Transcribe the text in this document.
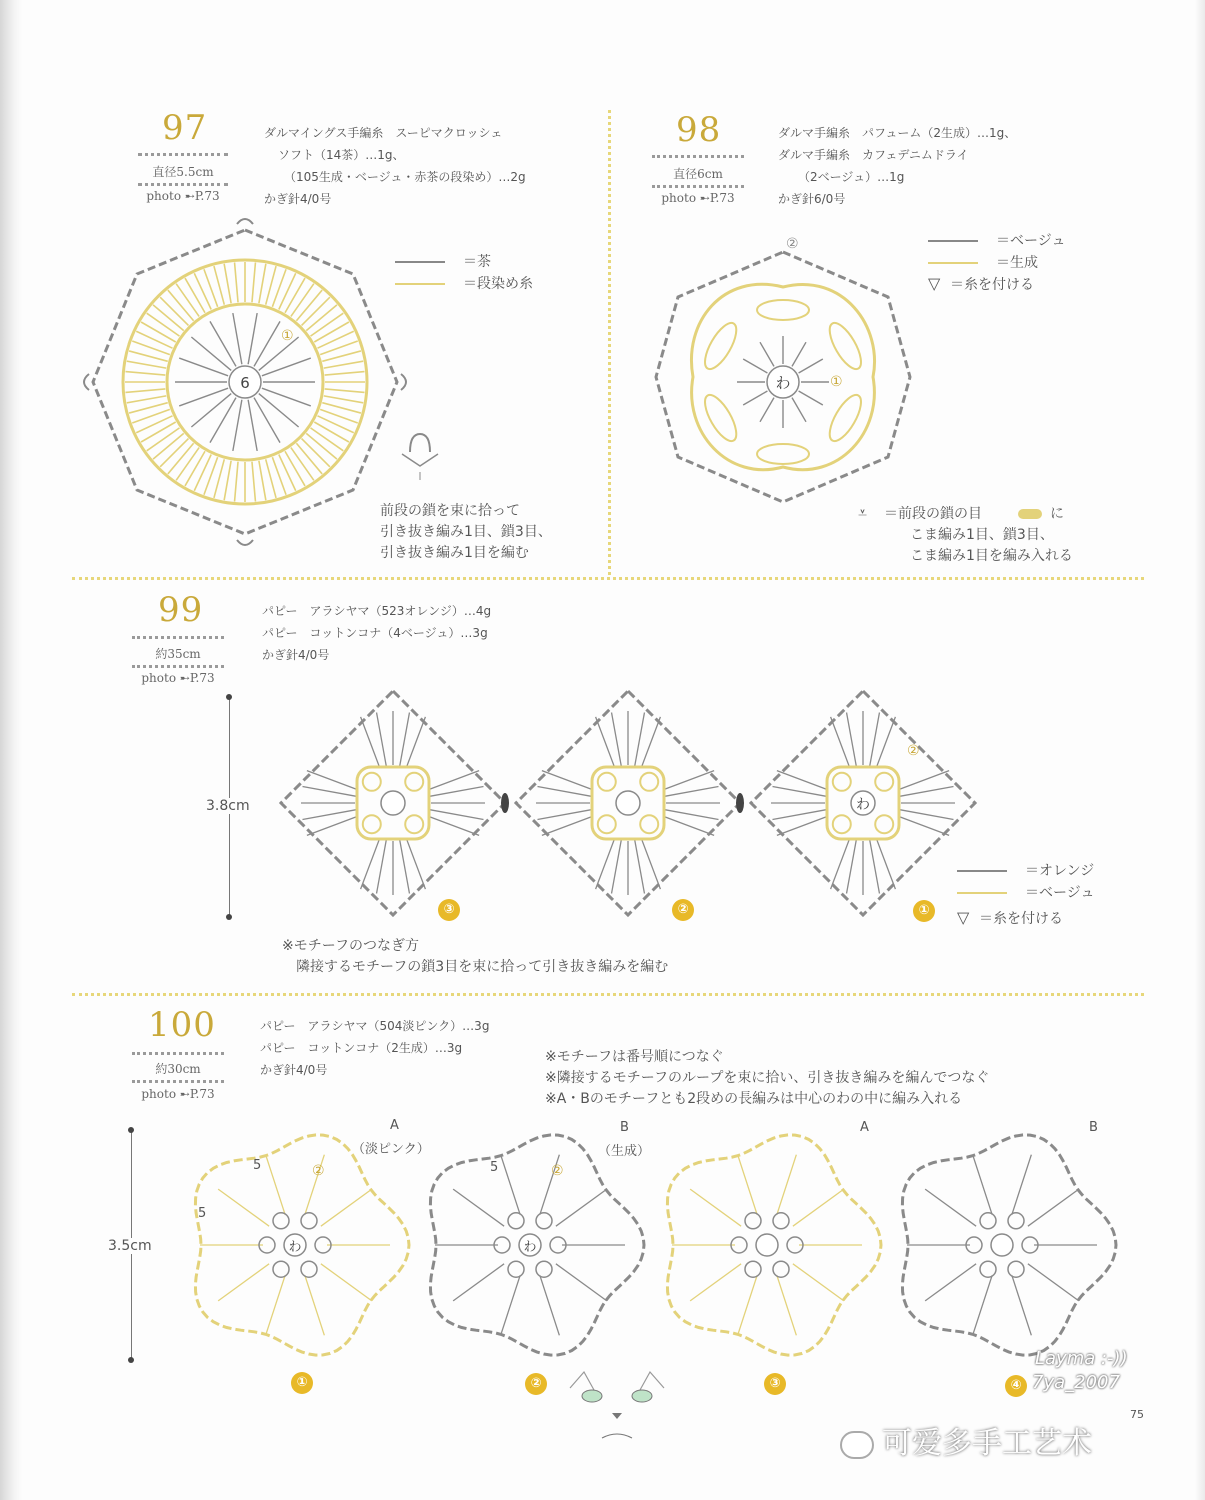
97
直径5.5cm
photo ➸P.73
ダルマイングス手編糸　スーピマクロッシェ
ソフト（14茶）…1g、
（105生成・ベージュ・赤茶の段染め）…2g
かぎ針4/0号
＝茶
＝段染め糸
6
①
前段の鎖を束に拾って
引き抜き編み1目、鎖3目、
引き抜き編み1目を編む
98
直径6cm
photo ➸P.73
ダルマ手編糸　パフューム（2生成）…1g、
ダルマ手編糸　カフェデニムドライ
（2ベージュ）…1g
かぎ針6/0号
＝ベージュ
＝生成
▽ ＝糸を付ける
わ	①
②
⩡ ＝前段の鎖の目	に
こま編み1目、鎖3目、
こま編み1目を編み入れる
99
約35cm
photo ➸P.73
パピー　アラシヤマ（523オレンジ）…4g
パピー　コットンコナ（4ベージュ）…3g
かぎ針4/0号
3.8cm	わ
②
③	②	①
＝オレンジ
＝ベージュ
▽ ＝糸を付ける
※モチーフのつなぎ方
　隣接するモチーフの鎖3目を束に拾って引き抜き編みを編む
100
約30cm
photo ➸P.73
パピー　アラシヤマ（504淡ピンク）…3g
パピー　コットンコナ（2生成）…3g
かぎ針4/0号
※モチーフは番号順につなぐ
※隣接するモチーフのループを束に拾い、引き抜き編みを編んでつなぐ
※A・Bのモチーフとも2段めの長編みは中心のわの中に編み入れる
3.5cm
A
（淡ピンク）
B
（生成）
A	B
わ	わ
②	②
5
5
5
①	②	③	④
Layma :-))
7ya_2007
75
可爱多手工艺术
